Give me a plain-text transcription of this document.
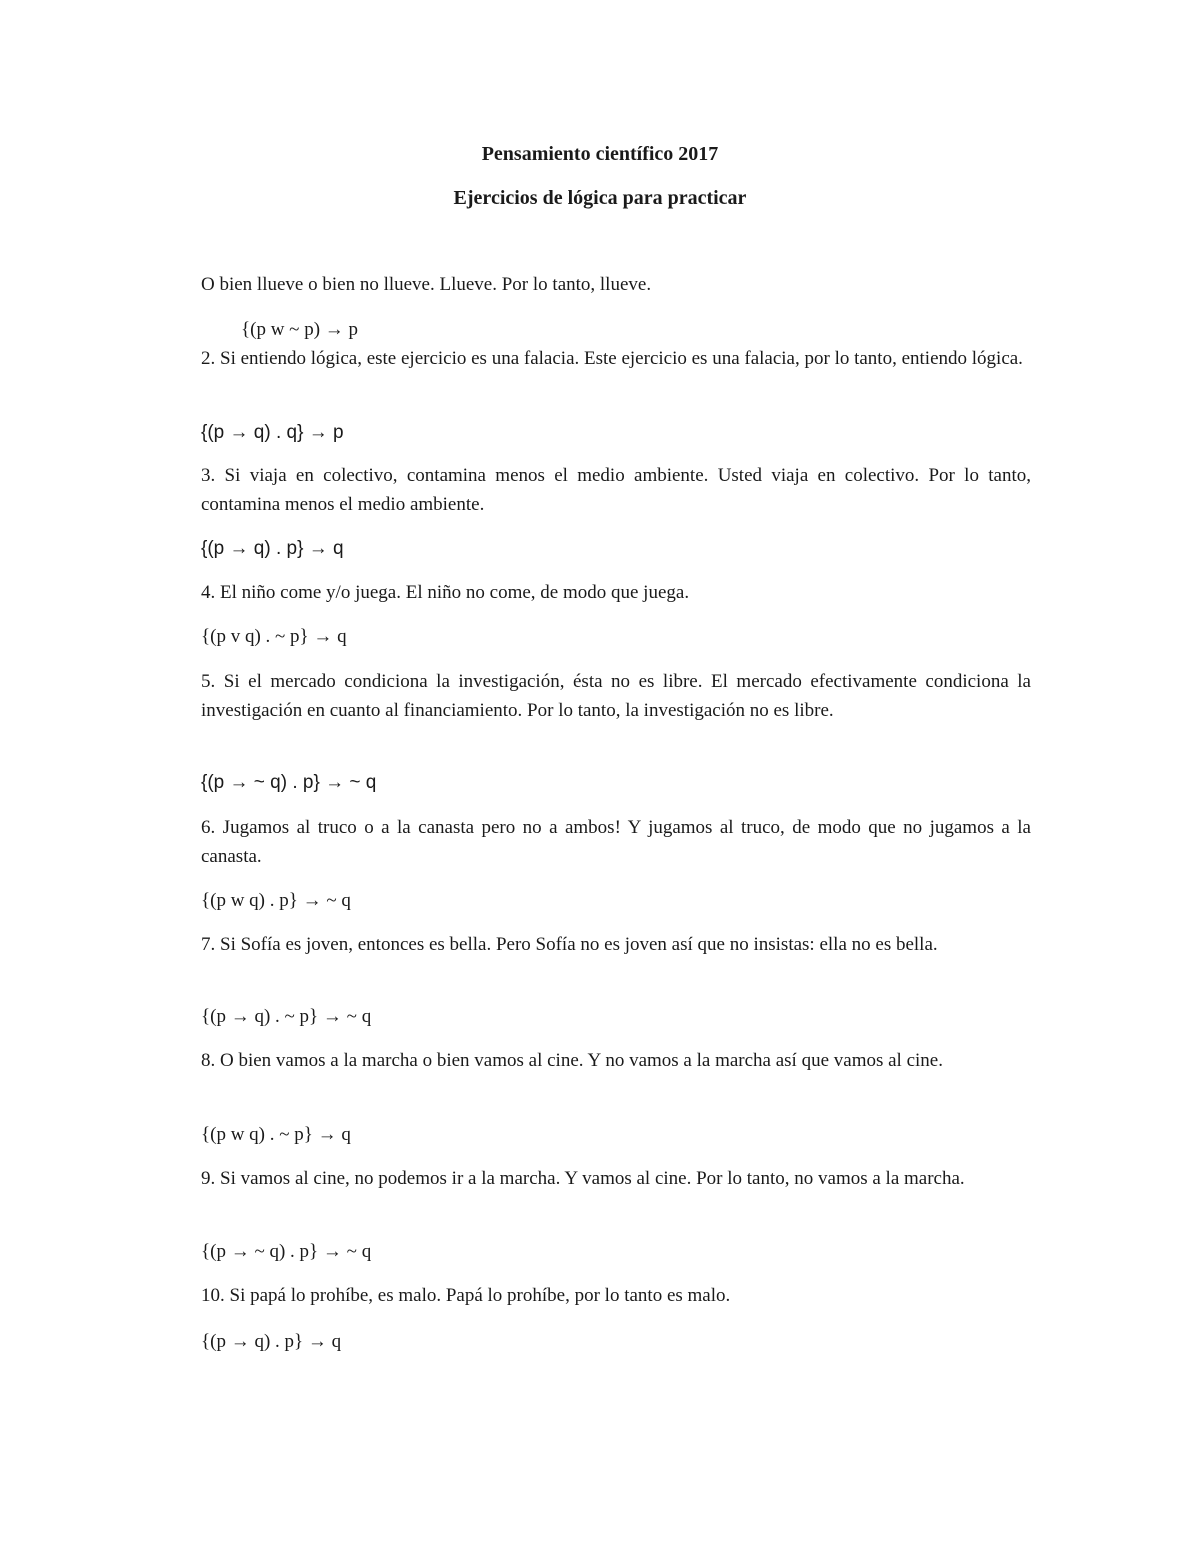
Pensamiento científico 2017
Ejercicios de lógica para practicar

O bien llueve o bien no llueve. Llueve. Por lo tanto, llueve.

{(p w ~ p) → p

2. Si entiendo lógica, este ejercicio es una falacia. Este ejercicio es una falacia, por lo tanto, entiendo lógica.

{(p → q) . q} → p

3. Si viaja en colectivo, contamina menos el medio ambiente. Usted viaja en colectivo. Por lo tanto, contamina menos el medio ambiente.

{(p → q) . p} → q

4. El niño come y/o juega. El niño no come, de modo que juega.

{(p v q) . ~ p} → q

5. Si el mercado condiciona la investigación, ésta no es libre. El mercado efectivamente condiciona la investigación en cuanto al financiamiento. Por lo tanto, la investigación no es libre.

{(p → ~ q) . p} → ~ q

6. Jugamos al truco o a la canasta pero no a ambos! Y jugamos al truco, de modo que no jugamos a la canasta.

{(p w q) . p} → ~ q

7. Si Sofía es joven, entonces es bella. Pero Sofía no es joven así que no insistas: ella no es bella.

{(p → q) . ~ p} → ~ q

8. O bien vamos a la marcha o bien vamos al cine. Y no vamos a la marcha así que vamos al cine.

{(p w q) . ~ p} → q

9. Si vamos al cine, no podemos ir a la marcha. Y vamos al cine. Por lo tanto, no vamos a la marcha.

{(p → ~ q) . p} → ~ q

10. Si papá lo prohíbe, es malo. Papá lo prohíbe, por lo tanto es malo.

{(p → q) . p} → q
